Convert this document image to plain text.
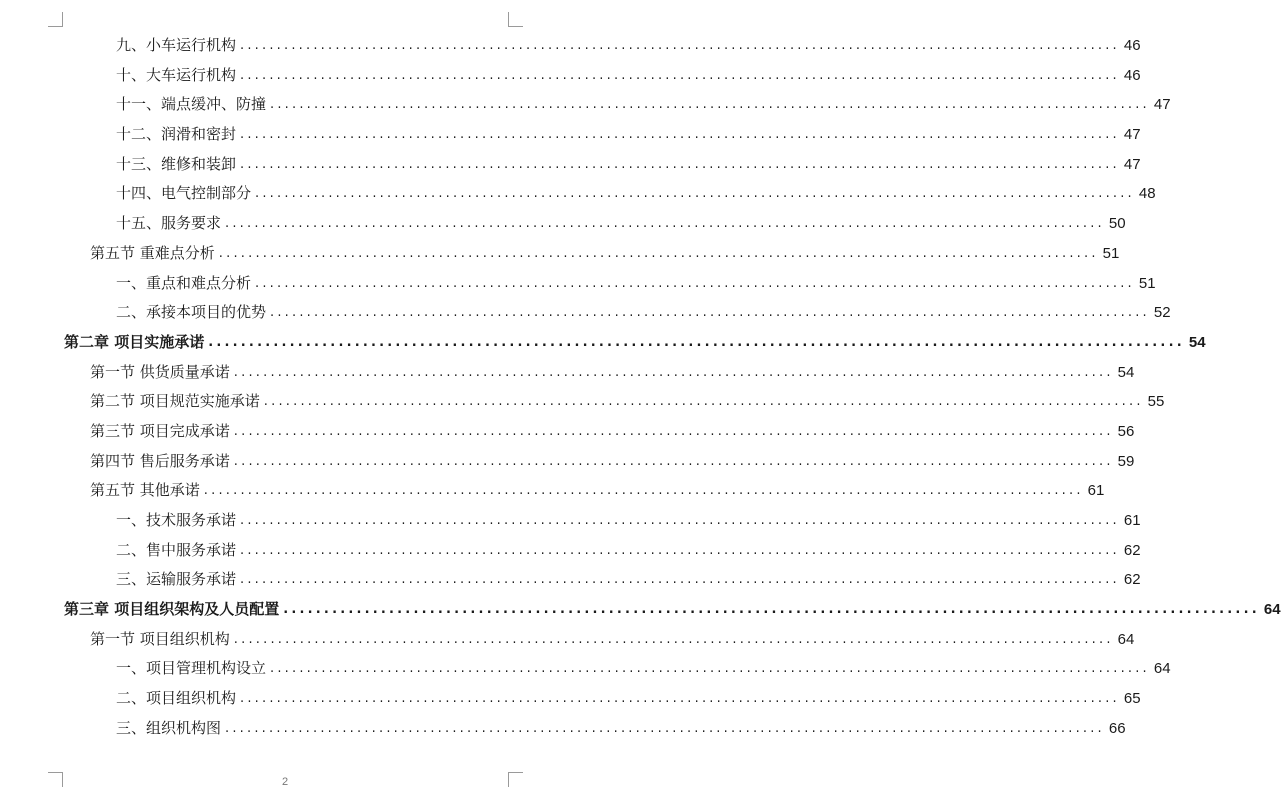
九、小车运行机构 ........................................................................................................................ 46
十、大车运行机构 ........................................................................................................................ 46
十一、端点缓冲、防撞 ........................................................................................................................ 47
十二、润滑和密封 ........................................................................................................................ 47
十三、维修和装卸 ........................................................................................................................ 47
十四、电气控制部分 ........................................................................................................................ 48
十五、服务要求 ........................................................................................................................ 50
第五节 重难点分析 ........................................................................................................................ 51
一、重点和难点分析 ........................................................................................................................ 51
二、承接本项目的优势 ........................................................................................................................ 52
第二章 项目实施承诺 ........................................................................................................................ 54
第一节 供货质量承诺 ........................................................................................................................ 54
第二节 项目规范实施承诺 ........................................................................................................................ 55
第三节 项目完成承诺 ........................................................................................................................ 56
第四节 售后服务承诺 ........................................................................................................................ 59
第五节 其他承诺 ........................................................................................................................ 61
一、技术服务承诺 ........................................................................................................................ 61
二、售中服务承诺 ........................................................................................................................ 62
三、运输服务承诺 ........................................................................................................................ 62
第三章 项目组织架构及人员配置 ........................................................................................................................ 64
第一节 项目组织机构 ........................................................................................................................ 64
一、项目管理机构设立 ........................................................................................................................ 64
二、项目组织机构 ........................................................................................................................ 65
三、组织机构图 ........................................................................................................................ 66
2
